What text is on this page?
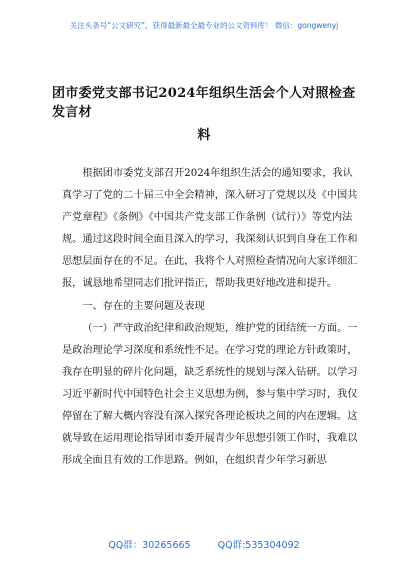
关注头条号“公文研究”，获得最新最全最专业的公文资料库！ 微信：gongwenyj
团市委党支部书记2024年组织生活会个人对照检查发言材
料

根据团市委党支部召开2024年组织生活会的通知要求，我认真学习了党的二十届三中全会精神，深入研习了党规以及《中国共产党章程》《条例》《中国共产党支部工作条例（试行）》等党内法规。通过这段时间全面且深入的学习，我深刻认识到自身在工作和思想层面存在的不足。在此，我将个人对照检查情况向大家详细汇报，诚恳地希望同志们批评指正，帮助我更好地改进和提升。

一、存在的主要问题及表现

（一）严守政治纪律和政治规矩，维护党的团结统一方面。一是政治理论学习深度和系统性不足。在学习党的理论方针政策时，我存在明显的碎片化问题，缺乏系统性的规划与深入钻研。以学习习近平新时代中国特色社会主义思想为例，参与集中学习时，我仅停留在了解大概内容没有深入探究各理论板块之间的内在逻辑。这就导致在运用理论指导团市委开展青少年思想引领工作时，我难以形成全面且有效的工作思路。例如，在组织青少年学习新思

QQ群：30265665	QQ群:535304092
